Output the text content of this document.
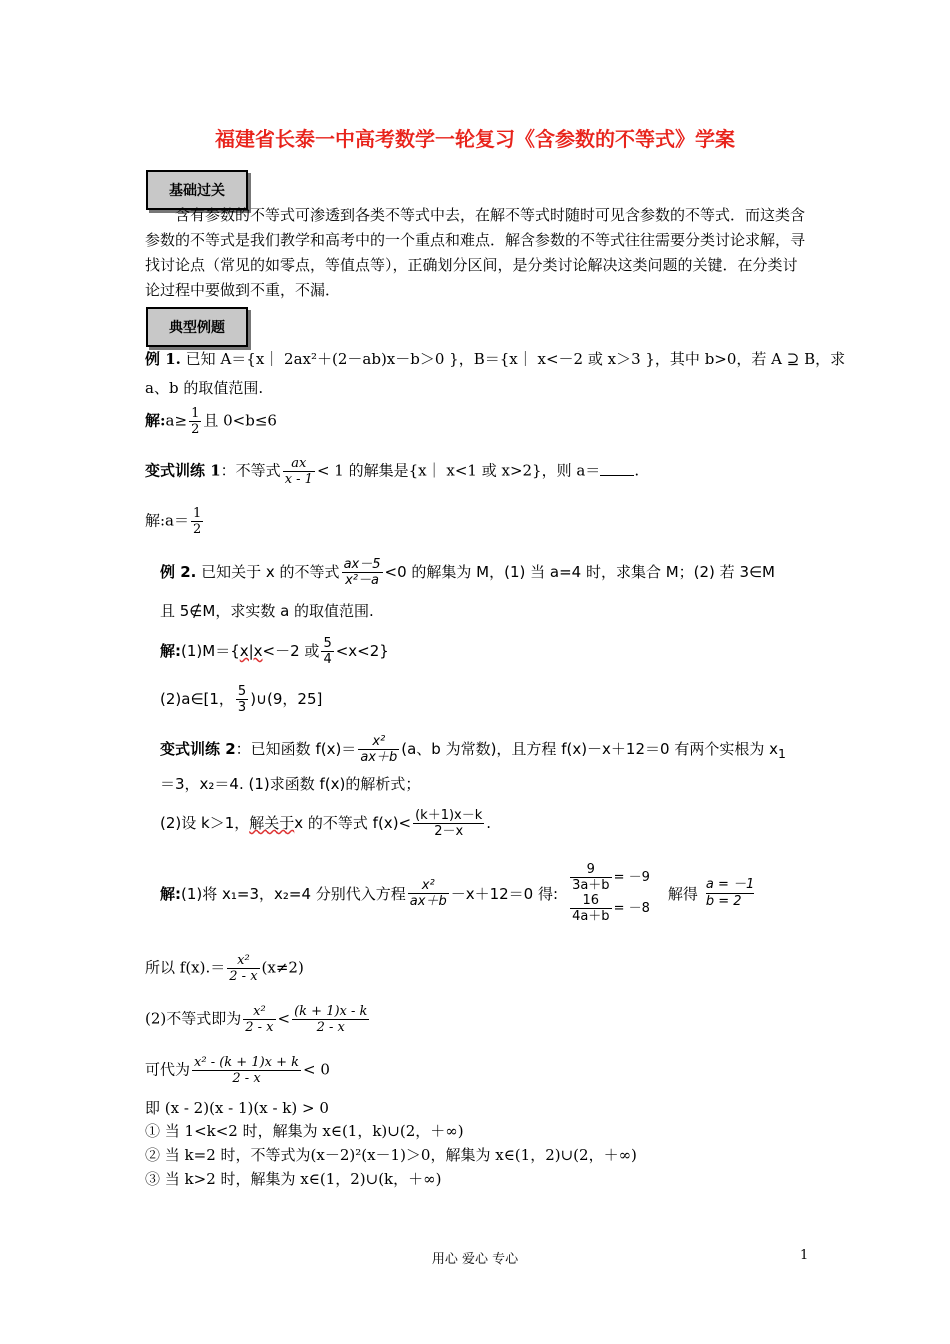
福建省长泰一中高考数学一轮复习《含参数的不等式》学案
基础过关
含有参数的不等式可渗透到各类不等式中去，在解不等式时随时可见含参数的不等式．而这类含参数的不等式是我们教学和高考中的一个重点和难点．解含参数的不等式往往需要分类讨论求解，寻找讨论点（常见的如零点，等值点等），正确划分区间，是分类讨论解决这类问题的关键．在分类讨论过程中要做到不重，不漏．
典型例题
例 1. 已知 A＝{x｜ 2ax²＋(2－ab)x－b＞0 }，B＝{x｜ x<－2 或 x＞3 }，其中 b>0，若 A ⊇ B，求
a、b 的取值范围.
解:a≥ $\frac{1}{2}$ 且 0<b≤6
变式训练 1：不等式 $\frac{ax}{x - 1} < 1$ 的解集是{x｜ x<1 或 x>2}，则 a＝ .
解:a＝ $\frac{1}{2}$
例 2. 已知关于 x 的不等式 $\frac{ax-5}{\text{x²－a}} <0$ 的解集为 M，(1) 当 a=4 时，求集合 M；(2) 若 3∈M
且 5∉M，求实数 a 的取值范围.
解:(1)M＝{x|x<－2 或 $\frac{5}{4} <x<2$}
(2)a∈[1， $\frac{5}{3}$ )∪(9，25]
变式训练 2：已知函数 $f(x)= \frac{\text{x²}}{ax+b} (a$、b 为常数)，且方程 f(x)－x＋12＝0 有两个实根为 $x_1$
＝3，x₂＝4. (1)求函数 f(x)的解析式；
(2)设 k＞1，解关于x 的不等式 $f(x)< \frac{(k+1)x-k}{2-x}$ .
解: (1)将 x₁=3，x₂=4 分别代入方程 $\frac{\text{x²}}{ax+b} -x+12=0$ 得:
$\frac{9}{3a+b} = -9$
$\frac{16}{4a+b} = -8$
解得
a = －1
b = 2
所以 $f(x).= \frac{\text{x²}}{2 - x} (x\ne 2)$
(2)不等式即为 $\frac{\text{x²}}{2 - x} < \frac{(k + 1)x - k}{2 - x}$
可代为 $\frac{\text{x² - (k + 1)x + k}}{2 - x} < 0$
即 (x - 2)(x - 1)(x - k) > 0
① 当 1<k<2 时，解集为 x∈(1，k)∪(2，＋∞)
② 当 k=2 时，不等式为(x－2)²(x－1)＞0，解集为 x∈(1，2)∪(2，＋∞)
③ 当 k>2 时，解集为 x∈(1，2)∪(k，＋∞)
用心 爱心 专心	1
